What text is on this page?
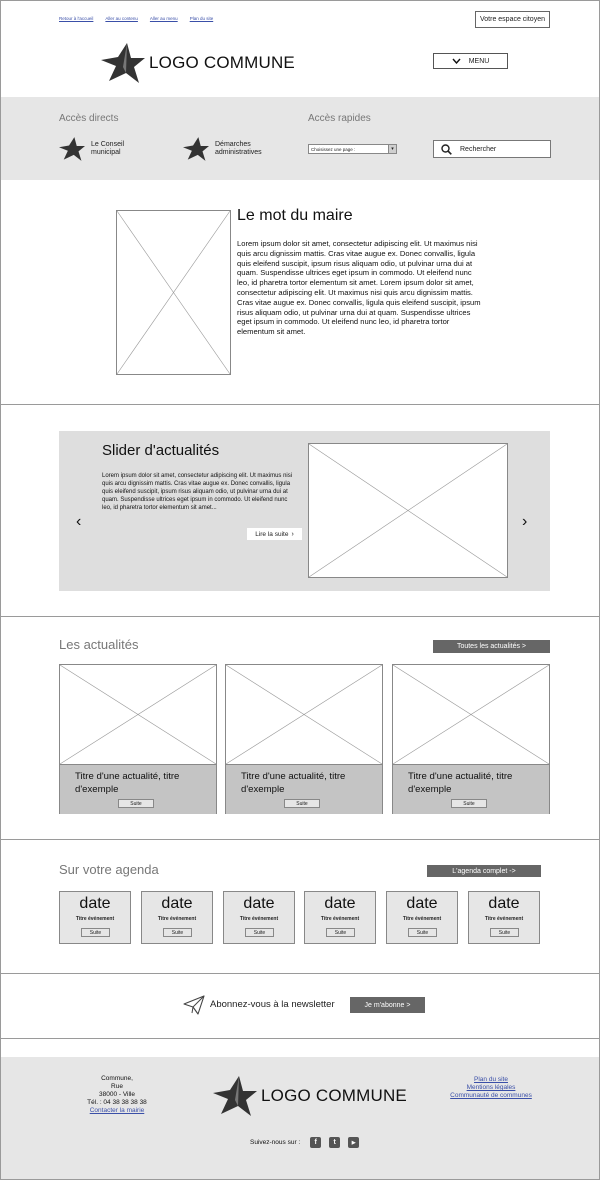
Retour à l'accueil	Aller au contenu	Aller au menu	Plan du site	Votre espace citoyen
LOGO COMMUNE	MENU
Accès directs
Le Conseil
municipal
Démarches
administratives
Accès rapides
Choisissez une page :	▾	Rechercher
Le mot du maire
Lorem ipsum dolor sit amet, consectetur adipiscing elit. Ut maximus nisi quis arcu dignissim mattis. Cras vitae augue ex. Donec convallis, ligula quis eleifend suscipit, ipsum risus aliquam odio, ut pulvinar urna dui at quam. Suspendisse ultrices eget ipsum in commodo. Ut eleifend nunc leo, id pharetra tortor elementum sit amet. Lorem ipsum dolor sit amet, consectetur adipiscing elit. Ut maximus nisi quis arcu dignissim mattis. Cras vitae augue ex. Donec convallis, ligula quis eleifend suscipit, ipsum risus aliquam odio, ut pulvinar urna dui at quam. Suspendisse ultrices eget ipsum in commodo. Ut eleifend nunc leo, id pharetra tortor elementum sit amet.
‹	›
Slider d'actualités
Lorem ipsum dolor sit amet, consectetur adipiscing elit. Ut maximus nisi quis arcu dignissim mattis. Cras vitae augue ex. Donec convallis, ligula quis eleifend suscipit, ipsum risus aliquam odio, ut pulvinar urna dui at quam. Suspendisse ultrices eget ipsum in commodo. Ut eleifend nunc leo, id pharetra tortor elementum sit amet...
Lire la suite ›
Les actualités	Toutes les actualités >
Titre d'une actualité, titre d'exemple
Suite
Titre d'une actualité, titre d'exemple
Suite
Titre d'une actualité, titre d'exemple
Suite
Sur votre agenda	L'agenda complet ->
date
Titre événement
Suite
date
Titre événement
Suite
date
Titre événement
Suite
date
Titre événement
Suite
date
Titre événement
Suite
date
Titre événement
Suite
Abonnez-vous à la newsletter	Je m'abonne >
Commune,
Rue
38000 - Ville
Tél. : 04 38 38 38 38
Contacter la mairie
LOGO COMMUNE
Plan du site
Mentions légales
Communauté de communes
Suivez-nous sur :	f	t	▶
